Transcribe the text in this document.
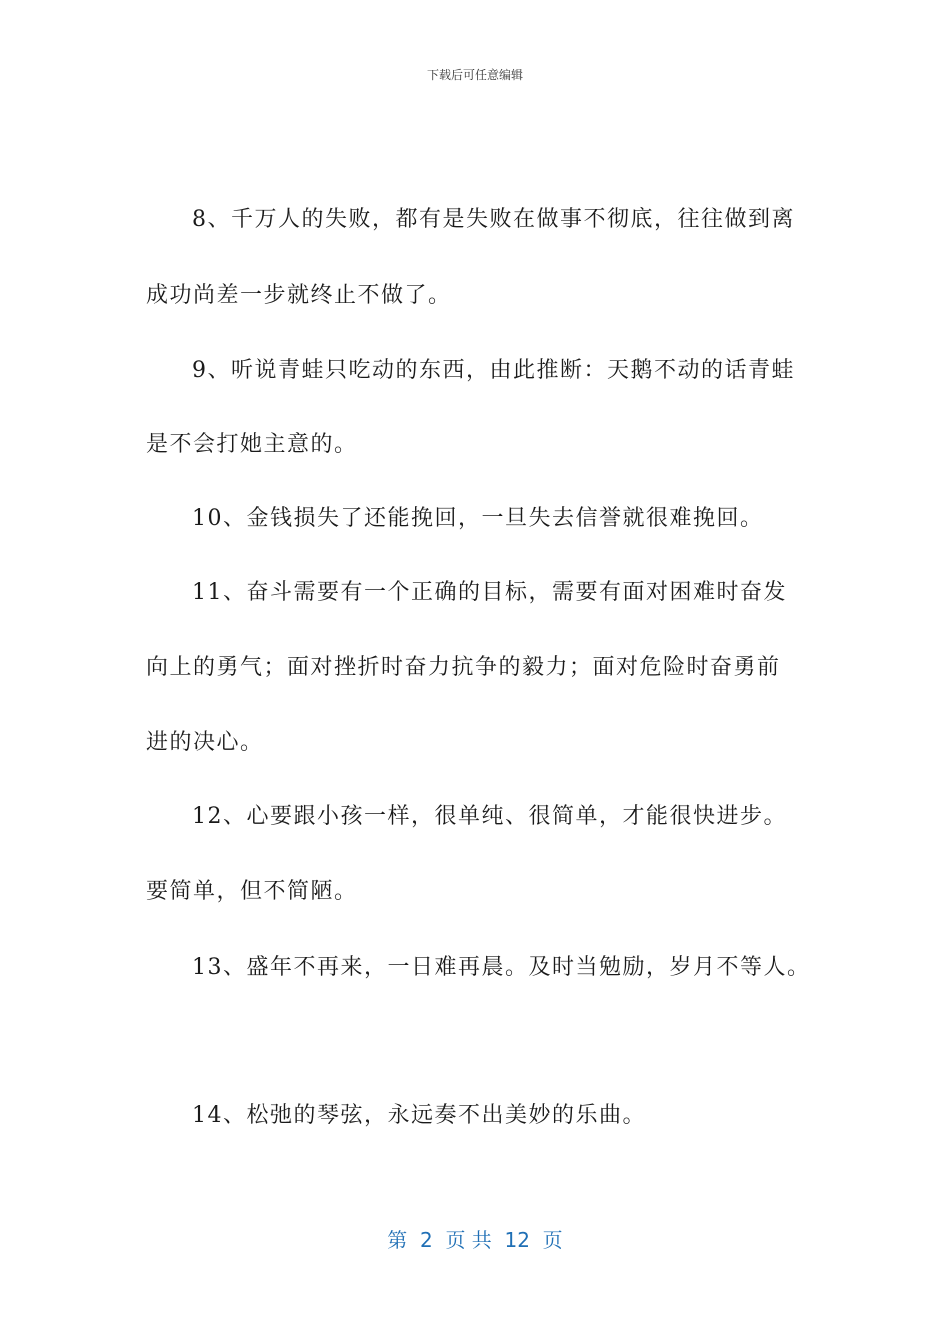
下载后可任意编辑
8、千万人的失败，都有是失败在做事不彻底，往往做到离
成功尚差一步就终止不做了。
9、听说青蛙只吃动的东西，由此推断：天鹅不动的话青蛙
是不会打她主意的。
10、金钱损失了还能挽回，一旦失去信誉就很难挽回。
11、奋斗需要有一个正确的目标，需要有面对困难时奋发
向上的勇气；面对挫折时奋力抗争的毅力；面对危险时奋勇前
进的决心。
12、心要跟小孩一样，很单纯、很简单，才能很快进步。
要简单，但不简陋。
13、盛年不再来，一日难再晨。及时当勉励，岁月不等人。
14、松弛的琴弦，永远奏不出美妙的乐曲。
第  2  页 共  12  页
